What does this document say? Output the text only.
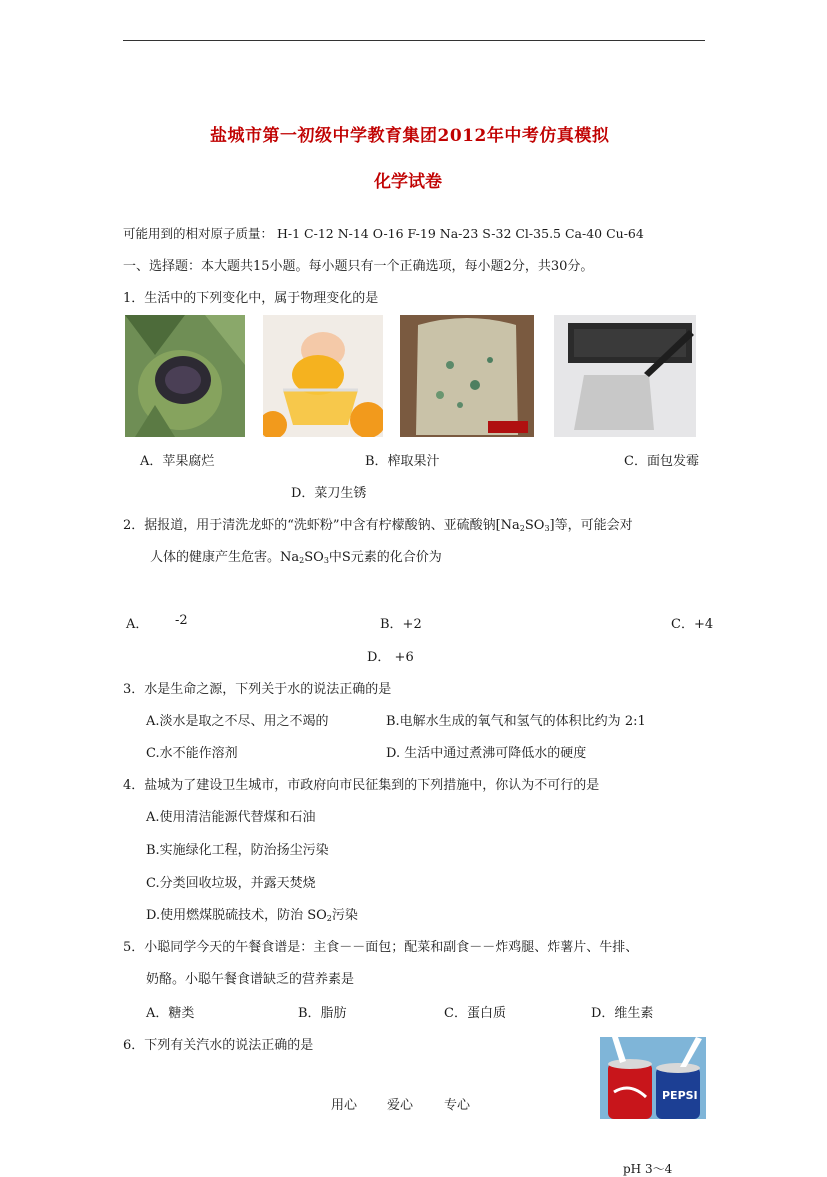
盐城市第一初级中学教育集团2012年中考仿真模拟
化学试卷
可能用到的相对原子质量： H-1 C-12 N-14 O-16 F-19 Na-23 S-32 Cl-35.5 Ca-40 Cu-64
一、选择题：本大题共15小题。每小题只有一个正确选项，每小题2分，共30分。
1．生活中的下列变化中，属于物理变化的是
A．苹果腐烂	B．榨取果汁	C．面包发霉
D．菜刀生锈
2．据报道，用于清洗龙虾的“洗虾粉”中含有柠檬酸钠、亚硫酸钠$[Na_2SO_3]$等，可能会对
人体的健康产生危害。$Na_2SO_3$中S元素的化合价为
A． -2	B．+2	C．+4
D． +6
3．水是生命之源，下列关于水的说法正确的是
A.淡水是取之不尽、用之不竭的	B.电解水生成的氧气和氢气的体积比约为 2:1
C.水不能作溶剂	D. 生活中通过煮沸可降低水的硬度
4．盐城为了建设卫生城市，市政府向市民征集到的下列措施中，你认为不可行的是
A.使用清洁能源代替煤和石油
B.实施绿化工程，防治扬尘污染
C.分类回收垃圾，并露天焚烧
D.使用燃煤脱硫技术，防治 $SO_2$污染
5．小聪同学今天的午餐食谱是：主食－－面包；配菜和副食－－炸鸡腿、炸薯片、牛排、
奶酪。小聪午餐食谱缺乏的营养素是
A．糖类	B．脂肪	C．蛋白质	D．维生素
6．下列有关汽水的说法正确的是
PEPSI
用心 爱心 专心
pH 3～4
